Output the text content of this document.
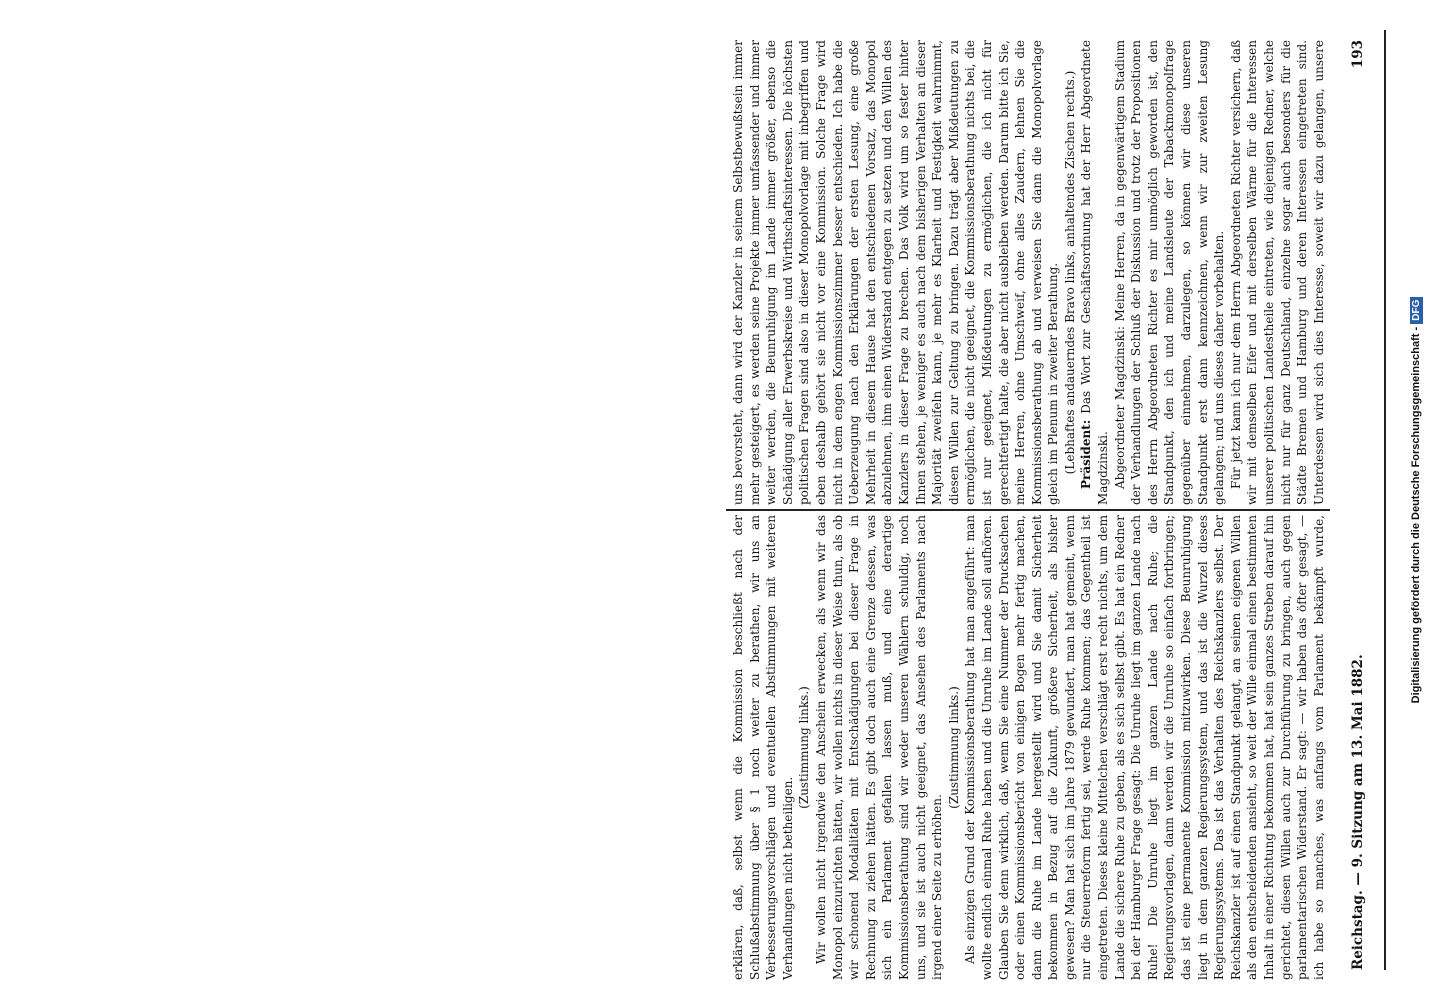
Reichstag. — 9. Sitzung am 13. Mai 1882.
193

erklären, daß, selbst wenn die Kommission beschließt nach der Schlußabstimmung über § 1 noch weiter zu berathen, wir uns an Verbesserungsvorschlägen und eventuellen Abstimmungen mit weiteren Verhandlungen nicht betheiligen.

(Zustimmung links.) Wir wollen nicht irgendwie den Anschein erwecken, als wenn wir das Monopol einzurichten hätten, wir wollen nichts in dieser Weise thun, als ob wir schonend Modalitäten mit Entschädigungen bei dieser Frage in Rechnung zu ziehen hätten. Es gibt doch auch eine Grenze dessen, was sich ein Parlament gefallen lassen muß, und eine derartige Kommissionsberathung sind wir weder unseren Wählern schuldig, noch uns, und sie ist auch nicht geeignet, das Ansehen des Parlaments nach irgend einer Seite zu erhöhen.

(Zustimmung links.)

Als einzigen Grund der Kommissionsberathung hat man angeführt: man wollte endlich einmal Ruhe haben und die Unruhe im Lande soll aufhören. Glauben Sie denn wirklich, daß, wenn Sie eine Nummer der Drucksachen oder einen Kommissionsbericht von einigen Bogen mehr fertig machen, dann die Ruhe im Lande hergestellt wird und Sie damit Sicherheit bekommen in Bezug auf die Zukunft, größere Sicherheit, als bisher gewesen? Man hat sich im Jahre 1879 gewundert, man hat gemeint, wenn nur die Steuerreform fertig sei, werde Ruhe kommen; das Gegentheil ist eingetreten. Dieses kleine Mittelchen verschlägt erst recht nichts, um dem Lande die sichere Ruhe zu geben, als es sich selbst gibt. Es hat ein Redner bei der Hamburger Frage gesagt: Die Unruhe liegt im ganzen Lande nach Ruhe! Die Unruhe liegt im ganzen Lande nach Ruhe; die Regierungsvorlagen, dann werden wir die Unruhe so einfach fortbringen; das ist eine permanente Kommission mitzuwirken. Diese Beunruhigung liegt in dem ganzen Regierungssystem, und das ist die Wurzel dieses Regierungssystems. Das ist das Verhalten des Reichskanzlers selbst. Der Reichskanzler ist auf einen Standpunkt gelangt, an seinen eigenen Willen als den entscheidenden ansieht, so weit der Wille einmal einen bestimmten Inhalt in einer Richtung bekommen hat, hat sein ganzes Streben darauf hin gerichtet, diesen Willen auch zur Durchführung zu bringen, auch gegen parlamentarischen Widerstand. Er sagt: — wir haben das öfter gesagt, — ich habe so manches, was anfangs vom Parlament bekämpft wurde,

uns bevorsteht, dann wird der Kanzler in seinem Selbstbewußtsein immer mehr gesteigert, es werden seine Projekte immer umfassender und immer weiter werden, die Beunruhigung im Lande immer größer, ebenso die Schädigung aller Erwerbskreise und Wirthschaftsinteressen. Die höchsten politischen Fragen sind also in dieser Monopolvorlage mit inbegriffen und eben deshalb gehört sie nicht vor eine Kommission. Solche Frage wird nicht in dem engen Kommissionszimmer besser entschieden. Ich habe die Ueberzeugung nach den Erklärungen der ersten Lesung, eine große Mehrheit in diesem Hause hat den entschiedenen Vorsatz, das Monopol abzulehnen, ihm einen Widerstand entgegen zu setzen und den Willen des Kanzlers in dieser Frage zu brechen. Das Volk wird um so fester hinter Ihnen stehen, je weniger es auch nach dem bisherigen Verhalten an dieser Majorität zweifeln kann, je mehr es Klarheit und Festigkeit wahrnimmt, diesen Willen zur Geltung zu bringen. Dazu trägt aber Mißdeutungen zu ermöglichen, die nicht geeignet, die Kommissionsberathung nichts bei, die ist nur geeignet, Mißdeutungen zu ermöglichen, die ich nicht für gerechtfertigt halte, die aber nicht ausbleiben werden. Darum bitte ich Sie, meine Herren, ohne Umschweif, ohne alles Zaudern, lehnen Sie die Kommissionsberathung ab und verweisen Sie dann die Monopolvorlage gleich im Plenum in zweiter Berathung. (Lebhaftes andauerndes Bravo links, anhaltendes Zischen rechts.) Präsident: Das Wort zur Geschäftsordnung hat der Herr Abgeordnete Magdzinski. Abgeordneter Magdzinski: Meine Herren, da in gegenwärtigem Stadium der Verhandlungen der Schluß der Diskussion und trotz der Propositionen des Herrn Abgeordneten Richter es mir unmöglich geworden ist, den Standpunkt, den ich und meine Landsleute der Tabackmonopolfrage gegenüber einnehmen, darzulegen, so können wir diese unseren Standpunkt erst dann kennzeichnen, wenn wir zur zweiten Lesung gelangen; und uns dieses daher vorbehalten. Für jetzt kann ich nur dem Herrn Abgeordneten Richter versichern, daß wir mit demselben Eifer und mit derselben Wärme für die Interessen unserer politischen Landestheile eintreten, wie diejenigen Redner, welche nicht nur für ganz Deutschland, einzelne sogar auch besonders für die Städte Bremen und Hamburg und deren Interessen eingetreten sind. Unterdessen wird sich dies Interesse, soweit wir dazu gelangen, unsere

Digitalisierung gefördert durch die Deutsche Forschungsgemeinschaft - DFG
